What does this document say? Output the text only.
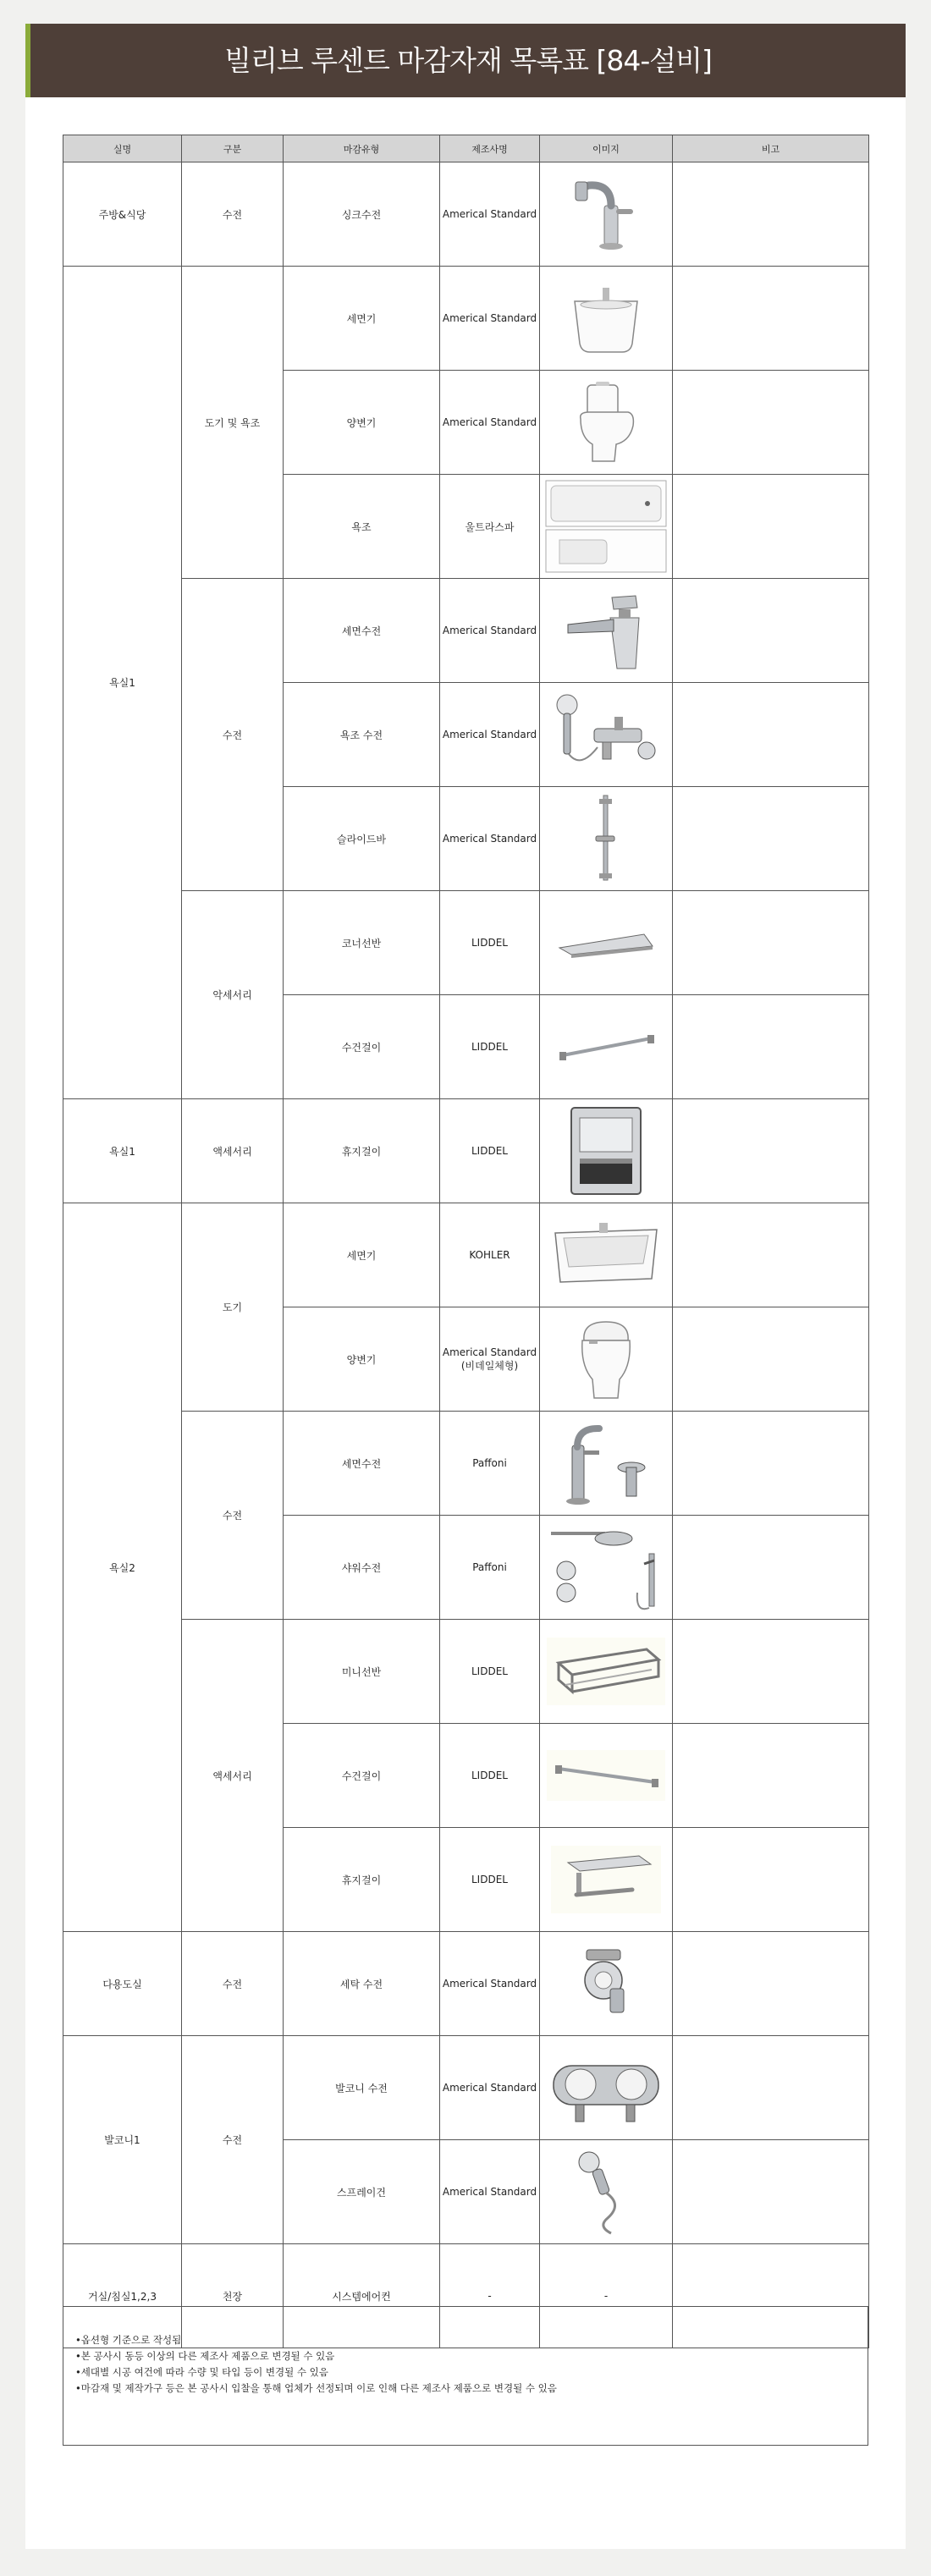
빌리브 루센트 마감자재 목록표 [84-설비]
실명	구분	마감유형	제조사명	이미지	비고
주방&식당	수전	싱크수전	Americal Standard	

욕실1	도기 및 욕조	세면기	Americal Standard	

		양변기	Americal Standard	

		욕조	울트라스파	

	수전	세면수전	Americal Standard	

		욕조 수전	Americal Standard	

		슬라이드바	Americal Standard	

	악세서리	코너선반	LIDDEL	

		수건걸이	LIDDEL	

욕실1	액세서리	휴지걸이	LIDDEL	

욕실2	도기	세면기	KOHLER	

		양변기	Americal Standard
(비데일체형)	

	수전	세면수전	Paffoni	

		샤워수전	Paffoni	

	액세서리	미니선반	LIDDEL	

		수건걸이	LIDDEL	

		휴지걸이	LIDDEL	

다용도실	수전	세탁 수전	Americal Standard	

발코니1	수전	발코니 수전	Americal Standard	

		스프레이건	Americal Standard	

거실/침실1,2,3	천장	시스템에어컨	-	-	
•옵션형 기준으로 작성됨
•본 공사시 동등 이상의 다른 제조사 제품으로 변경될 수 있음
•세대별 시공 여건에 따라 수량 및 타입 등이 변경될 수 있음
•마감재 및 제작가구 등은 본 공사시 입찰을 통해 업체가 선정되며 이로 인해 다른 제조사 제품으로 변경될 수 있음
